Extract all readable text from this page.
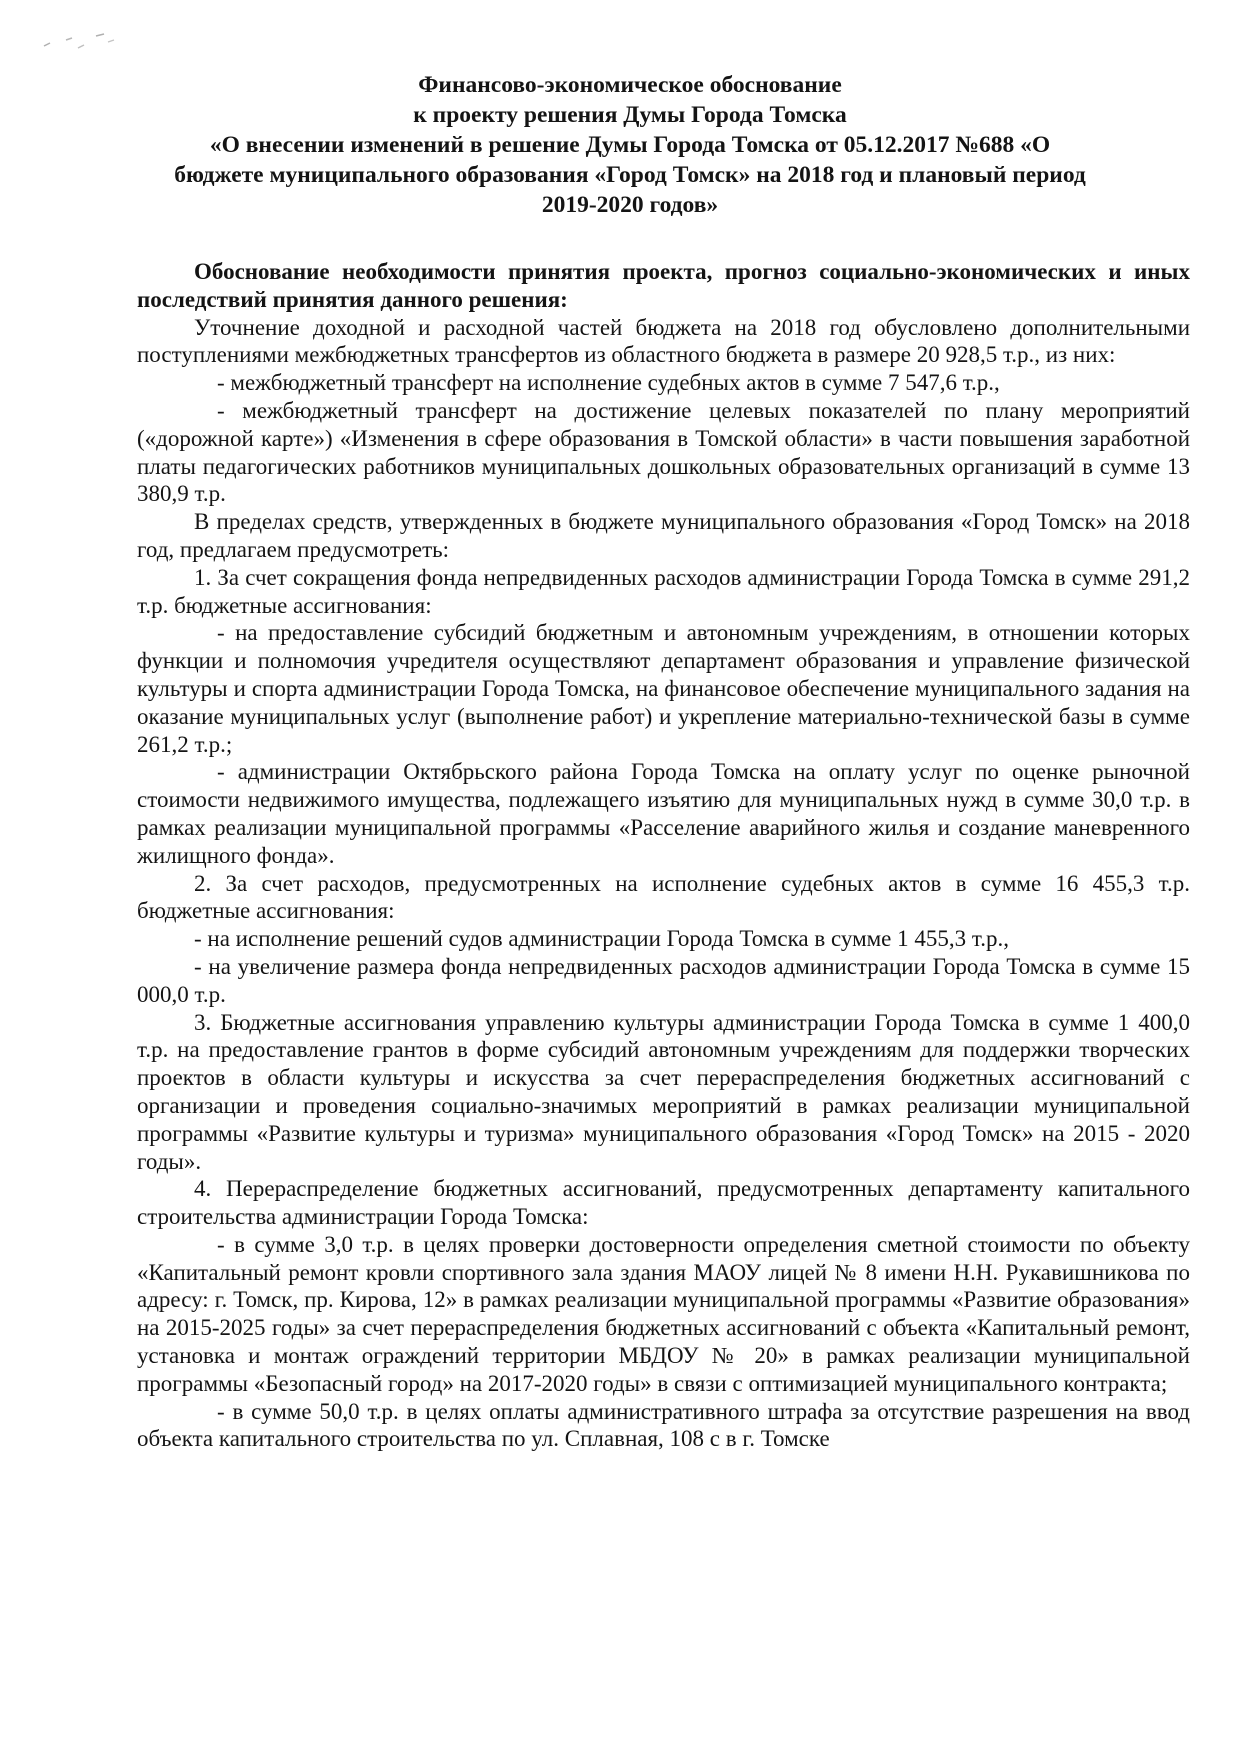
Финансово-экономическое обоснование
к проекту решения Думы Города Томска
«О внесении изменений в решение Думы Города Томска от 05.12.2017 №688 «О
бюджете муниципального образования «Город Томск» на 2018 год и плановый период
2019-2020 годов»

Обоснование необходимости принятия проекта, прогноз социально-экономических и иных последствий принятия данного решения:

Уточнение доходной и расходной частей бюджета на 2018 год обусловлено дополнительными поступлениями межбюджетных трансфертов из областного бюджета в размере 20 928,5 т.р., из них:

- межбюджетный трансферт на исполнение судебных актов в сумме 7 547,6 т.р.,

- межбюджетный трансферт на достижение целевых показателей по плану мероприятий («дорожной карте») «Изменения в сфере образования в Томской области» в части повышения заработной платы педагогических работников муниципальных дошкольных образовательных организаций в сумме 13 380,9 т.р.

В пределах средств, утвержденных в бюджете муниципального образования «Город Томск» на 2018 год, предлагаем предусмотреть:

1. За счет сокращения фонда непредвиденных расходов администрации Города Томска в сумме 291,2 т.р. бюджетные ассигнования:

- на предоставление субсидий бюджетным и автономным учреждениям, в отношении которых функции и полномочия учредителя осуществляют департамент образования и управление физической культуры и спорта администрации Города Томска, на финансовое обеспечение муниципального задания на оказание муниципальных услуг (выполнение работ) и укрепление материально-технической базы в сумме 261,2 т.р.;

- администрации Октябрьского района Города Томска на оплату услуг по оценке рыночной стоимости недвижимого имущества, подлежащего изъятию для муниципальных нужд в сумме 30,0 т.р. в рамках реализации муниципальной программы «Расселение аварийного жилья и создание маневренного жилищного фонда».

2. За счет расходов, предусмотренных на исполнение судебных актов в сумме 16 455,3 т.р. бюджетные ассигнования:

- на исполнение решений судов администрации Города Томска в сумме 1 455,3 т.р.,

- на увеличение размера фонда непредвиденных расходов администрации Города Томска в сумме 15 000,0 т.р.

3. Бюджетные ассигнования управлению культуры администрации Города Томска в сумме 1 400,0 т.р. на предоставление грантов в форме субсидий автономным учреждениям для поддержки творческих проектов в области культуры и искусства за счет перераспределения бюджетных ассигнований с организации и проведения социально-значимых мероприятий в рамках реализации муниципальной программы «Развитие культуры и туризма» муниципального образования «Город Томск» на 2015 - 2020 годы».

4. Перераспределение бюджетных ассигнований, предусмотренных департаменту капитального строительства администрации Города Томска:

- в сумме 3,0 т.р. в целях проверки достоверности определения сметной стоимости по объекту «Капитальный ремонт кровли спортивного зала здания МАОУ лицей № 8 имени Н.Н. Рукавишникова по адресу: г. Томск, пр. Кирова, 12» в рамках реализации муниципальной программы «Развитие образования» на 2015-2025 годы» за счет перераспределения бюджетных ассигнований с объекта «Капитальный ремонт, установка и монтаж ограждений территории МБДОУ № 20» в рамках реализации муниципальной программы «Безопасный город» на 2017-2020 годы» в связи с оптимизацией муниципального контракта;

- в сумме 50,0 т.р. в целях оплаты административного штрафа за отсутствие разрешения на ввод объекта капитального строительства по ул. Сплавная, 108 с в г. Томске
